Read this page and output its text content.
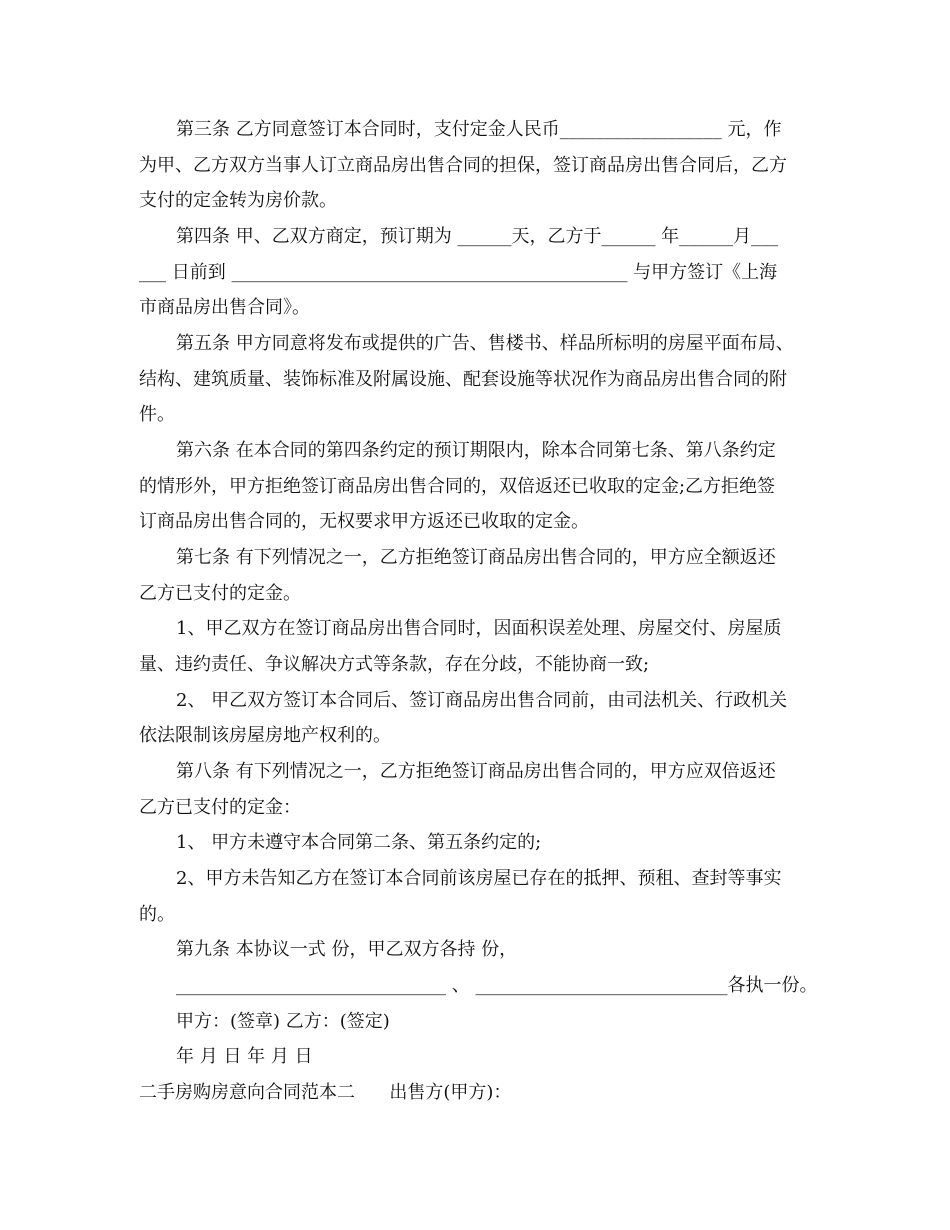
第三条 乙方同意签订本合同时，支付定金人民币__________________ 元，作

为甲、乙方双方当事人订立商品房出售合同的担保，签订商品房出售合同后，乙方

支付的定金转为房价款。

第四条 甲、乙双方商定，预订期为 ______天，乙方于______ 年______月___

___ 日前到 ____________________________________________ 与甲方签订《上海

市商品房出售合同》。

第五条 甲方同意将发布或提供的广告、售楼书、样品所标明的房屋平面布局、

结构、建筑质量、装饰标准及附属设施、配套设施等状况作为商品房出售合同的附

件。

第六条 在本合同的第四条约定的预订期限内，除本合同第七条、第八条约定

的情形外，甲方拒绝签订商品房出售合同的，双倍返还已收取的定金;乙方拒绝签

订商品房出售合同的，无权要求甲方返还已收取的定金。

第七条 有下列情况之一，乙方拒绝签订商品房出售合同的，甲方应全额返还

乙方已支付的定金。

1、甲乙双方在签订商品房出售合同时，因面积误差处理、房屋交付、房屋质

量、违约责任、争议解决方式等条款，存在分歧，不能协商一致;

2、 甲乙双方签订本合同后、签订商品房出售合同前，由司法机关、行政机关

依法限制该房屋房地产权利的。

第八条 有下列情况之一，乙方拒绝签订商品房出售合同的，甲方应双倍返还

乙方已支付的定金：

1、 甲方未遵守本合同第二条、第五条约定的;

2、甲方未告知乙方在签订本合同前该房屋已存在的抵押、预租、查封等事实

的。

第九条 本协议一式 份，甲乙双方各持 份，

______________________________ 、 ____________________________各执一份。

甲方：(签章) 乙方：(签定)

年 月 日 年 月 日

二手房购房意向合同范本二      出售方(甲方)：
